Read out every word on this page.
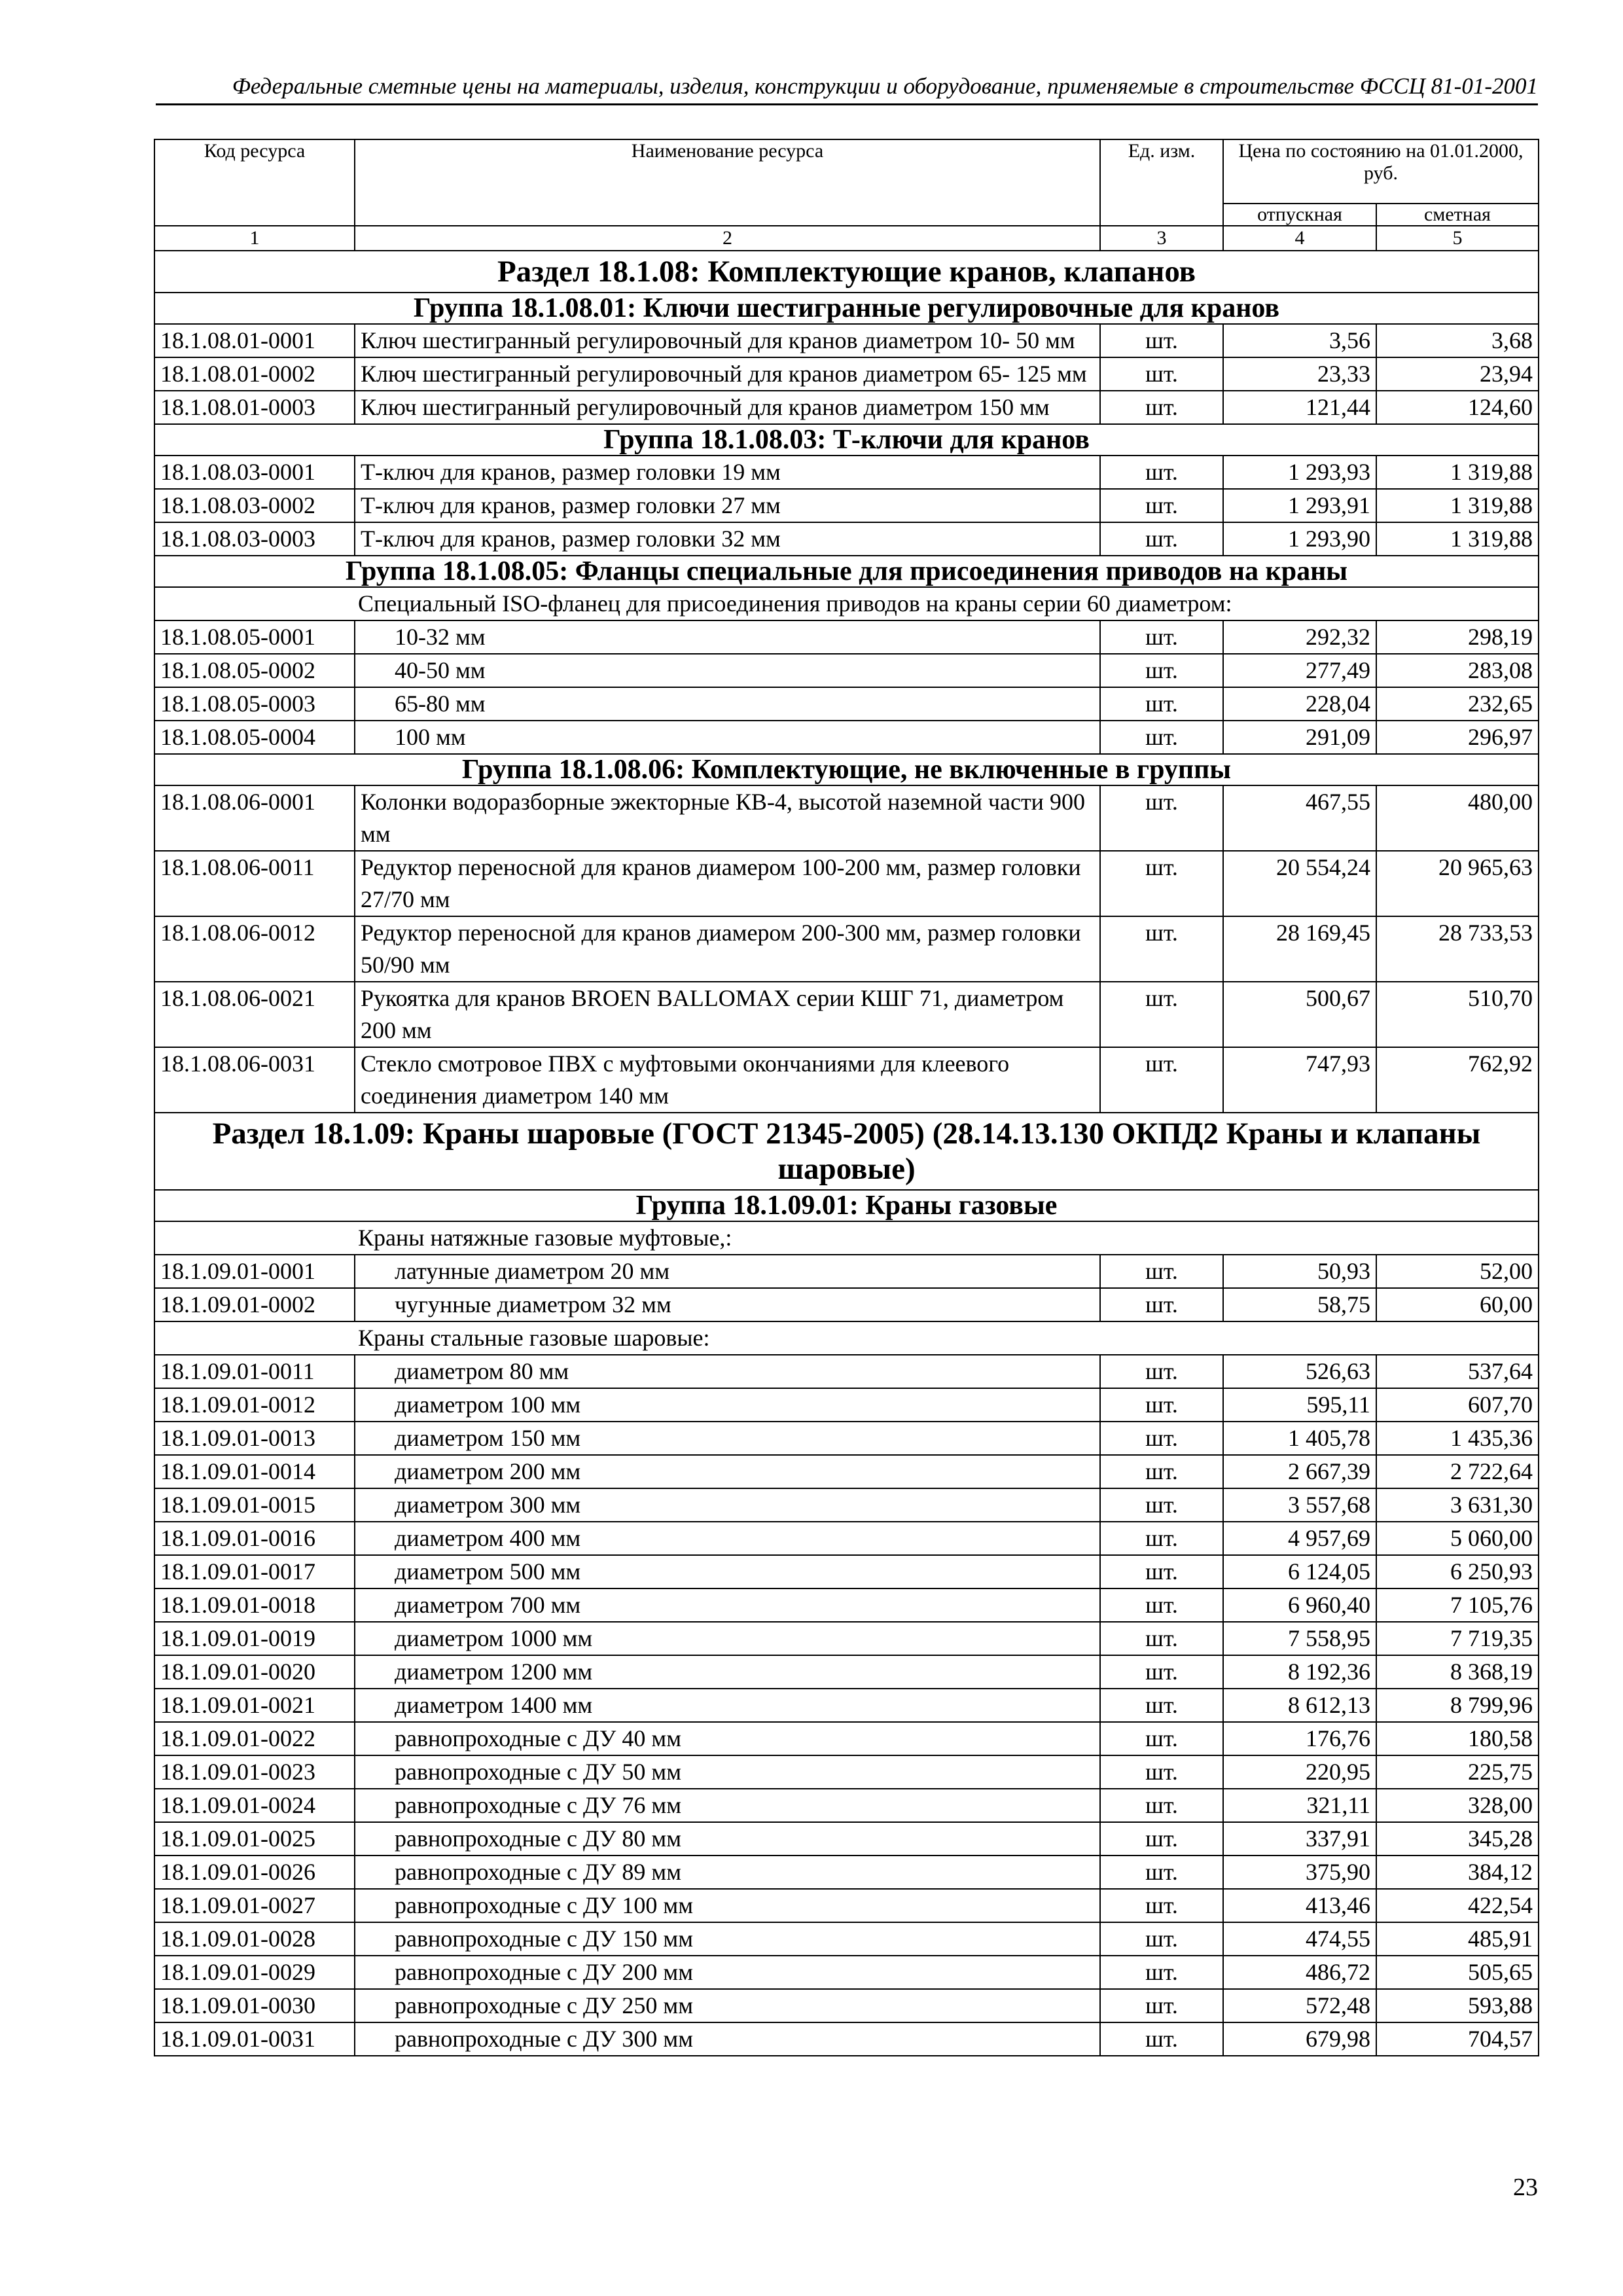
Федеральные сметные цены на материалы, изделия, конструкции и оборудование, применяемые в строительстве ФССЦ 81-01-2001
Код ресурса	Наименование ресурса	Ед. изм.	Цена по состоянию на 01.01.2000, руб.	
			отпускная	сметная
1	2	3	4	5
Раздел 18.1.08: Комплектующие кранов, клапанов				
Группа 18.1.08.01: Ключи шестигранные регулировочные для кранов				
18.1.08.01-0001	Ключ шестигранный регулировочный для кранов диаметром 10- 50 мм	шт.	3,56	3,68
18.1.08.01-0002	Ключ шестигранный регулировочный для кранов диаметром 65- 125 мм	шт.	23,33	23,94
18.1.08.01-0003	Ключ шестигранный регулировочный для кранов диаметром 150 мм	шт.	121,44	124,60
Группа 18.1.08.03: Т-ключи для кранов				
18.1.08.03-0001	Т-ключ для кранов, размер головки 19 мм	шт.	1 293,93	1 319,88
18.1.08.03-0002	Т-ключ для кранов, размер головки 27 мм	шт.	1 293,91	1 319,88
18.1.08.03-0003	Т-ключ для кранов, размер головки 32 мм	шт.	1 293,90	1 319,88
Группа 18.1.08.05: Фланцы специальные для присоединения приводов на краны				
Специальный ISO-фланец для присоединения приводов на краны серии 60 диаметром:				
18.1.08.05-0001	10-32 мм	шт.	292,32	298,19
18.1.08.05-0002	40-50 мм	шт.	277,49	283,08
18.1.08.05-0003	65-80 мм	шт.	228,04	232,65
18.1.08.05-0004	100 мм	шт.	291,09	296,97
Группа 18.1.08.06: Комплектующие, не включенные в группы				
18.1.08.06-0001	Колонки водоразборные эжекторные КВ-4, высотой наземной части 900 мм	шт.	467,55	480,00
18.1.08.06-0011	Редуктор переносной для кранов диамером 100-200 мм, размер головки 27/70 мм	шт.	20 554,24	20 965,63
18.1.08.06-0012	Редуктор переносной для кранов диамером 200-300 мм, размер головки 50/90 мм	шт.	28 169,45	28 733,53
18.1.08.06-0021	Рукоятка для кранов BROEN BALLOMAX серии КШГ 71, диаметром 200 мм	шт.	500,67	510,70
18.1.08.06-0031	Стекло смотровое ПВХ с муфтовыми окончаниями для клеевого соединения диаметром 140 мм	шт.	747,93	762,92
Раздел 18.1.09: Краны шаровые (ГОСТ 21345-2005) (28.14.13.130 ОКПД2 Краны и клапаны шаровые)				
Группа 18.1.09.01: Краны газовые				
Краны натяжные газовые муфтовые,:				
18.1.09.01-0001	латунные диаметром 20 мм	шт.	50,93	52,00
18.1.09.01-0002	чугунные диаметром 32 мм	шт.	58,75	60,00
Краны стальные газовые шаровые:				
18.1.09.01-0011	диаметром 80 мм	шт.	526,63	537,64
18.1.09.01-0012	диаметром 100 мм	шт.	595,11	607,70
18.1.09.01-0013	диаметром 150 мм	шт.	1 405,78	1 435,36
18.1.09.01-0014	диаметром 200 мм	шт.	2 667,39	2 722,64
18.1.09.01-0015	диаметром 300 мм	шт.	3 557,68	3 631,30
18.1.09.01-0016	диаметром 400 мм	шт.	4 957,69	5 060,00
18.1.09.01-0017	диаметром 500 мм	шт.	6 124,05	6 250,93
18.1.09.01-0018	диаметром 700 мм	шт.	6 960,40	7 105,76
18.1.09.01-0019	диаметром 1000 мм	шт.	7 558,95	7 719,35
18.1.09.01-0020	диаметром 1200 мм	шт.	8 192,36	8 368,19
18.1.09.01-0021	диаметром 1400 мм	шт.	8 612,13	8 799,96
18.1.09.01-0022	равнопроходные с ДУ 40 мм	шт.	176,76	180,58
18.1.09.01-0023	равнопроходные с ДУ 50 мм	шт.	220,95	225,75
18.1.09.01-0024	равнопроходные с ДУ 76 мм	шт.	321,11	328,00
18.1.09.01-0025	равнопроходные с ДУ 80 мм	шт.	337,91	345,28
18.1.09.01-0026	равнопроходные с ДУ 89 мм	шт.	375,90	384,12
18.1.09.01-0027	равнопроходные с ДУ 100 мм	шт.	413,46	422,54
18.1.09.01-0028	равнопроходные с ДУ 150 мм	шт.	474,55	485,91
18.1.09.01-0029	равнопроходные с ДУ 200 мм	шт.	486,72	505,65
18.1.09.01-0030	равнопроходные с ДУ 250 мм	шт.	572,48	593,88
18.1.09.01-0031	равнопроходные с ДУ 300 мм	шт.	679,98	704,57
23
